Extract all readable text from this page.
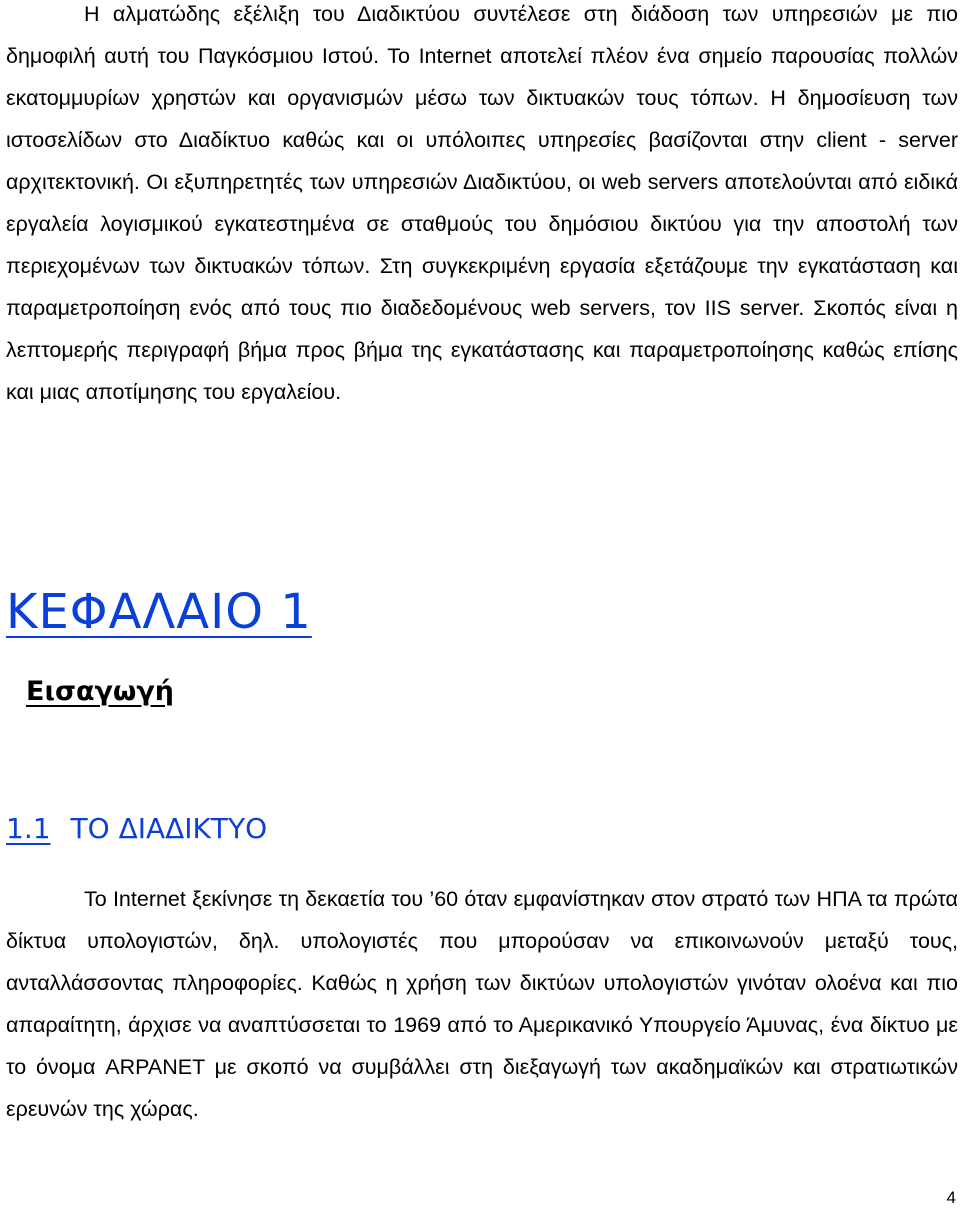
Η αλματώδης εξέλιξη του Διαδικτύου συντέλεσε στη διάδοση των υπηρεσιών με πιο δημοφιλή αυτή του Παγκόσμιου Ιστού. Το Internet αποτελεί πλέον ένα σημείο παρουσίας πολλών εκατομμυρίων χρηστών και οργανισμών μέσω των δικτυακών τους τόπων. Η δημοσίευση των ιστοσελίδων στο Διαδίκτυο καθώς και οι υπόλοιπες υπηρεσίες βασίζονται στην client - server αρχιτεκτονική. Οι εξυπηρετητές των υπηρεσιών Διαδικτύου, οι web servers αποτελούνται από ειδικά εργαλεία λογισμικού εγκατεστημένα σε σταθμούς του δημόσιου δικτύου για την αποστολή των περιεχομένων των δικτυακών τόπων. Στη συγκεκριμένη εργασία εξετάζουμε την εγκατάσταση και παραμετροποίηση ενός από τους πιο διαδεδομένους web servers, τον IIS server. Σκοπός είναι η λεπτομερής περιγραφή βήμα προς βήμα της εγκατάστασης και παραμετροποίησης καθώς επίσης και μιας αποτίμησης του εργαλείου.

ΚΕΦΑΛΑΙΟ 1
Εισαγωγή
1.1 ΤΟ ΔΙΑΔΙΚΤΥΟ

Το Internet ξεκίνησε τη δεκαετία του ’60 όταν εμφανίστηκαν στον στρατό των ΗΠΑ τα πρώτα δίκτυα υπολογιστών, δηλ. υπολογιστές που μπορούσαν να επικοινωνούν μεταξύ τους, ανταλλάσσοντας πληροφορίες. Καθώς η χρήση των δικτύων υπολογιστών γινόταν ολοένα και πιο απαραίτητη, άρχισε να αναπτύσσεται το 1969 από το Αμερικανικό Υπουργείο Άμυνας, ένα δίκτυο με το όνομα ARPANET με σκοπό να συμβάλλει στη διεξαγωγή των ακαδημαϊκών και στρατιωτικών ερευνών της χώρας.

4
